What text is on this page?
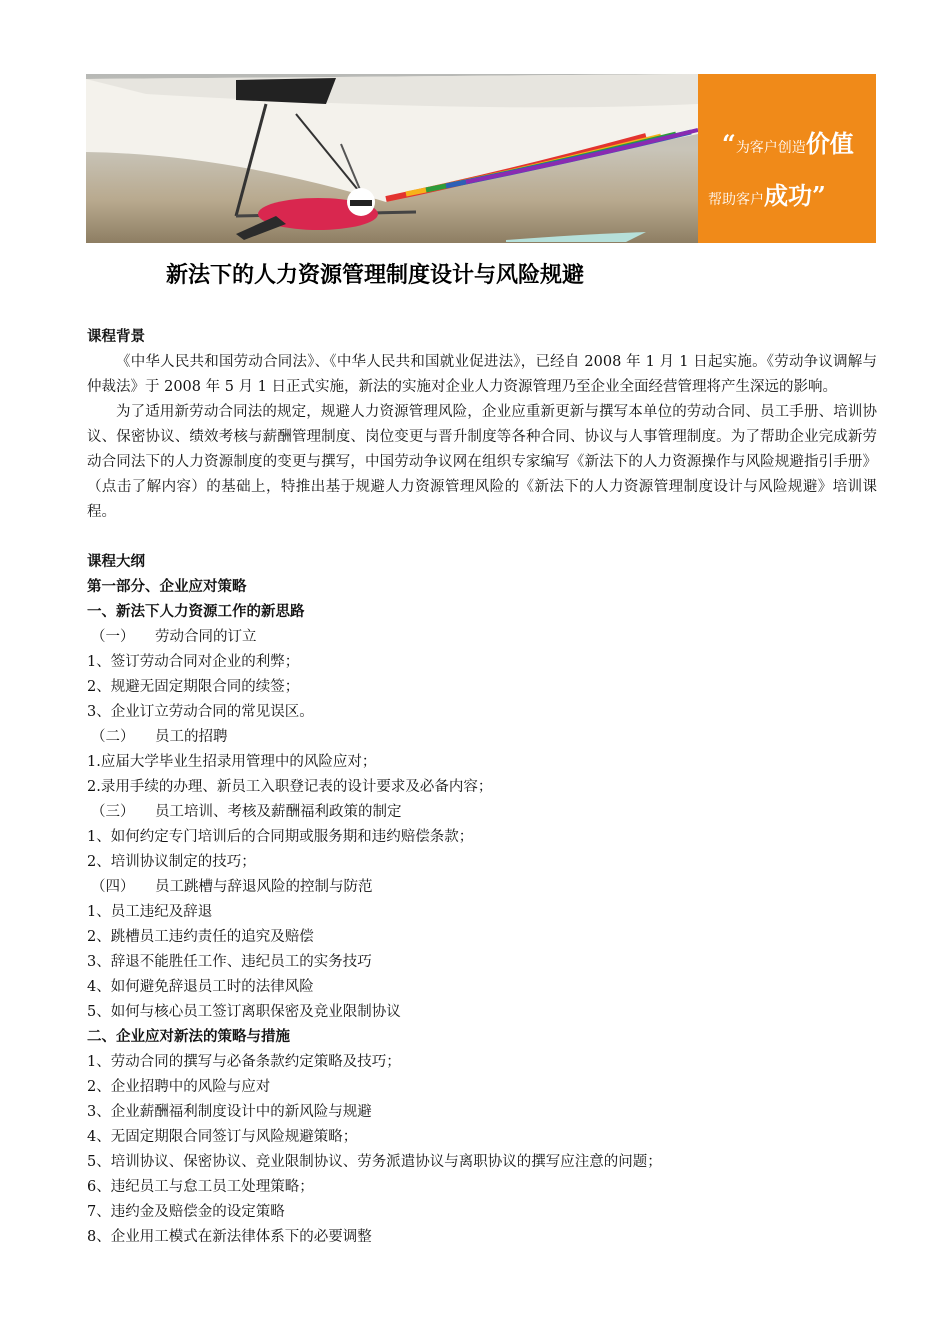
“为客户创造价值
帮助客户成功”
新法下的人力资源管理制度设计与风险规避
课程背景

《中华人民共和国劳动合同法》、《中华人民共和国就业促进法》，已经自 2008 年 1 月 1 日起实施。《劳动争议调解与仲裁法》于 2008 年 5 月 1 日正式实施，新法的实施对企业人力资源管理乃至企业全面经营管理将产生深远的影响。

为了适用新劳动合同法的规定，规避人力资源管理风险，企业应重新更新与撰写本单位的劳动合同、员工手册、培训协议、保密协议、绩效考核与薪酬管理制度、岗位变更与晋升制度等各种合同、协议与人事管理制度。为了帮助企业完成新劳动合同法下的人力资源制度的变更与撰写，中国劳动争议网在组织专家编写《新法下的人力资源操作与风险规避指引手册》（点击了解内容）的基础上，特推出基于规避人力资源管理风险的《新法下的人力资源管理制度设计与风险规避》培训课程。

课程大纲
第一部分、企业应对策略
一、新法下人力资源工作的新思路
（一） 劳动合同的订立
1、签订劳动合同对企业的利弊；
2、规避无固定期限合同的续签；
3、企业订立劳动合同的常见误区。
（二） 员工的招聘
1.应届大学毕业生招录用管理中的风险应对；
2.录用手续的办理、新员工入职登记表的设计要求及必备内容；
（三） 员工培训、考核及薪酬福利政策的制定
1、如何约定专门培训后的合同期或服务期和违约赔偿条款；
2、培训协议制定的技巧；
（四） 员工跳槽与辞退风险的控制与防范
1、员工违纪及辞退
2、跳槽员工违约责任的追究及赔偿
3、辞退不能胜任工作、违纪员工的实务技巧
4、如何避免辞退员工时的法律风险
5、如何与核心员工签订离职保密及竞业限制协议
二、企业应对新法的策略与措施
1、劳动合同的撰写与必备条款约定策略及技巧；
2、企业招聘中的风险与应对
3、企业薪酬福利制度设计中的新风险与规避
4、无固定期限合同签订与风险规避策略；
5、培训协议、保密协议、竞业限制协议、劳务派遣协议与离职协议的撰写应注意的问题；
6、违纪员工与怠工员工处理策略；
7、违约金及赔偿金的设定策略
8、企业用工模式在新法律体系下的必要调整
